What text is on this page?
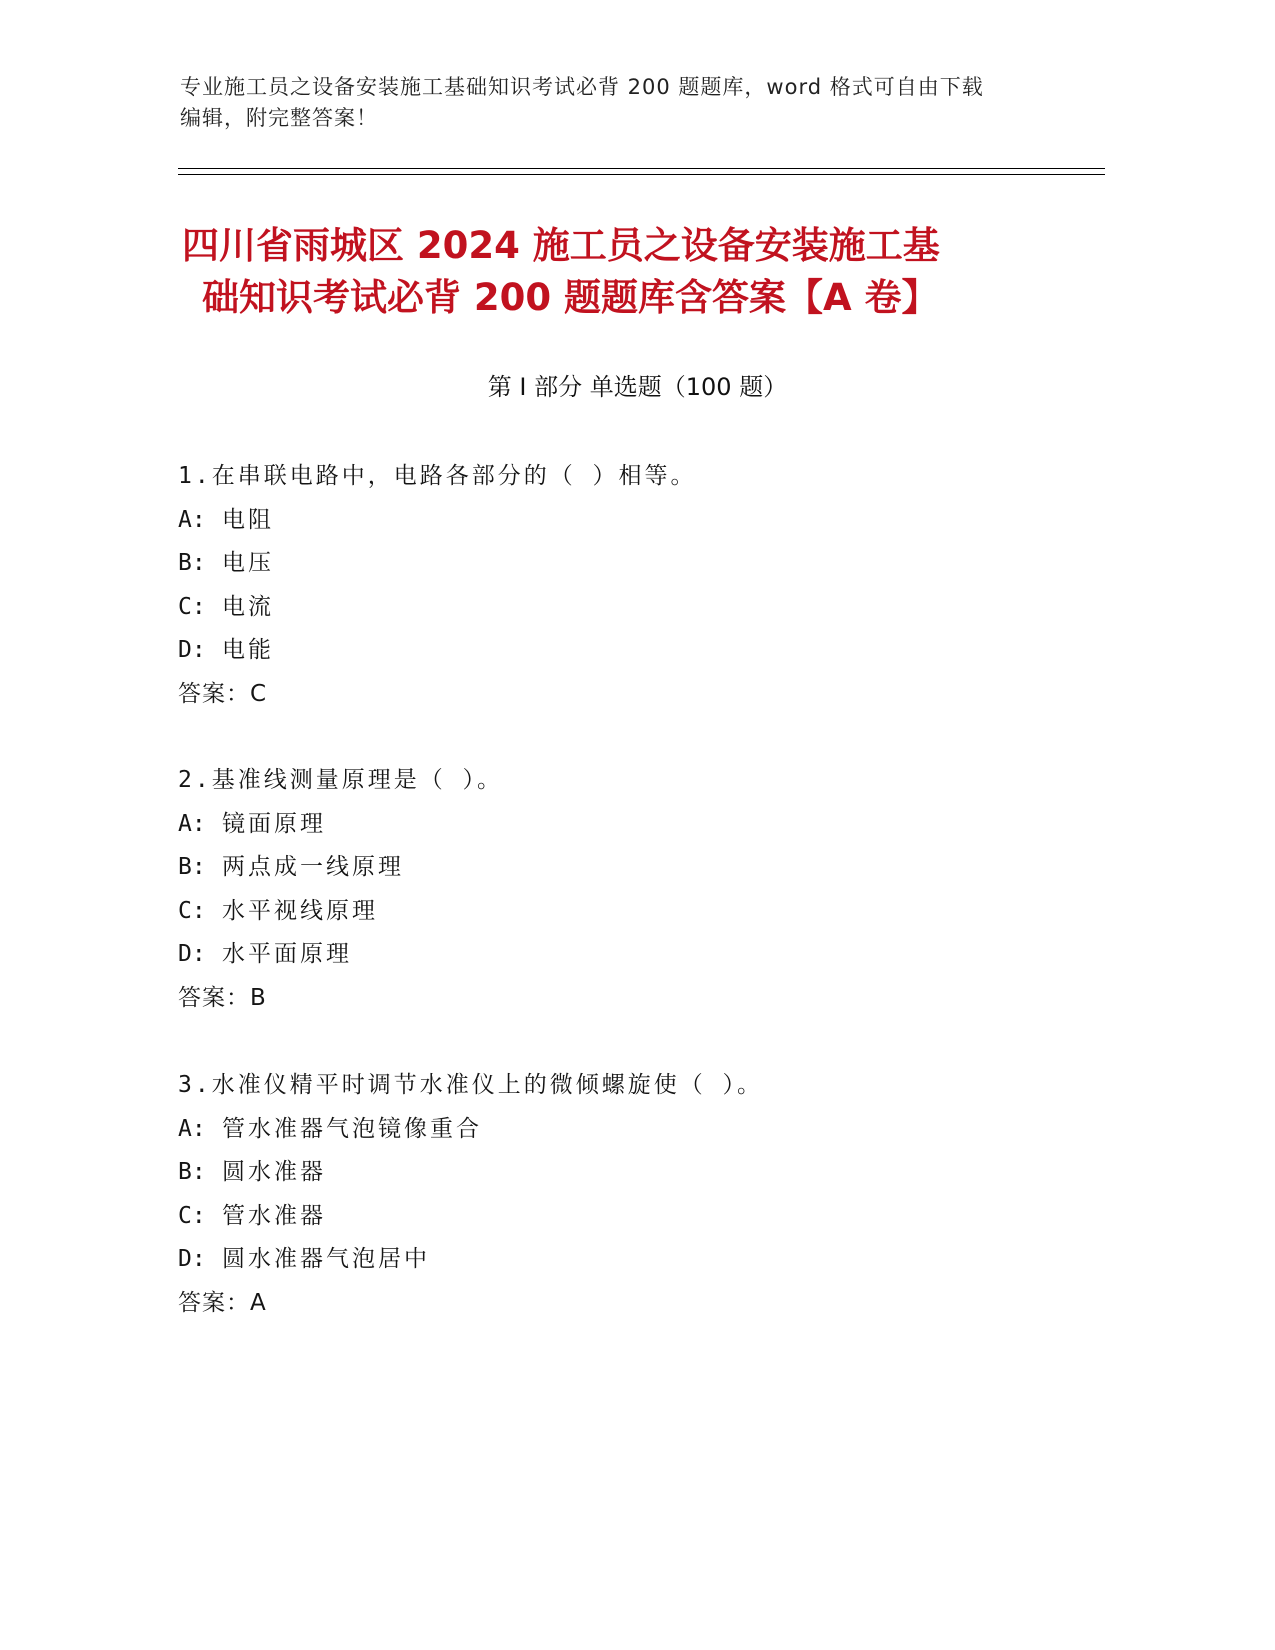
专业施工员之设备安装施工基础知识考试必背 200 题题库，word 格式可自由下载
编辑，附完整答案！
四川省雨城区 2024 施工员之设备安装施工基
础知识考试必背 200 题题库含答案【A 卷】
第 I 部分 单选题（100 题）
1.在串联电路中，电路各部分的（ ）相等。
A: 电阻
B: 电压
C: 电流
D: 电能
答案：C
2.基准线测量原理是（ ）。
A: 镜面原理
B: 两点成一线原理
C: 水平视线原理
D: 水平面原理
答案：B
3.水准仪精平时调节水准仪上的微倾螺旋使（ ）。
A: 管水准器气泡镜像重合
B: 圆水准器
C: 管水准器
D: 圆水准器气泡居中
答案：A
